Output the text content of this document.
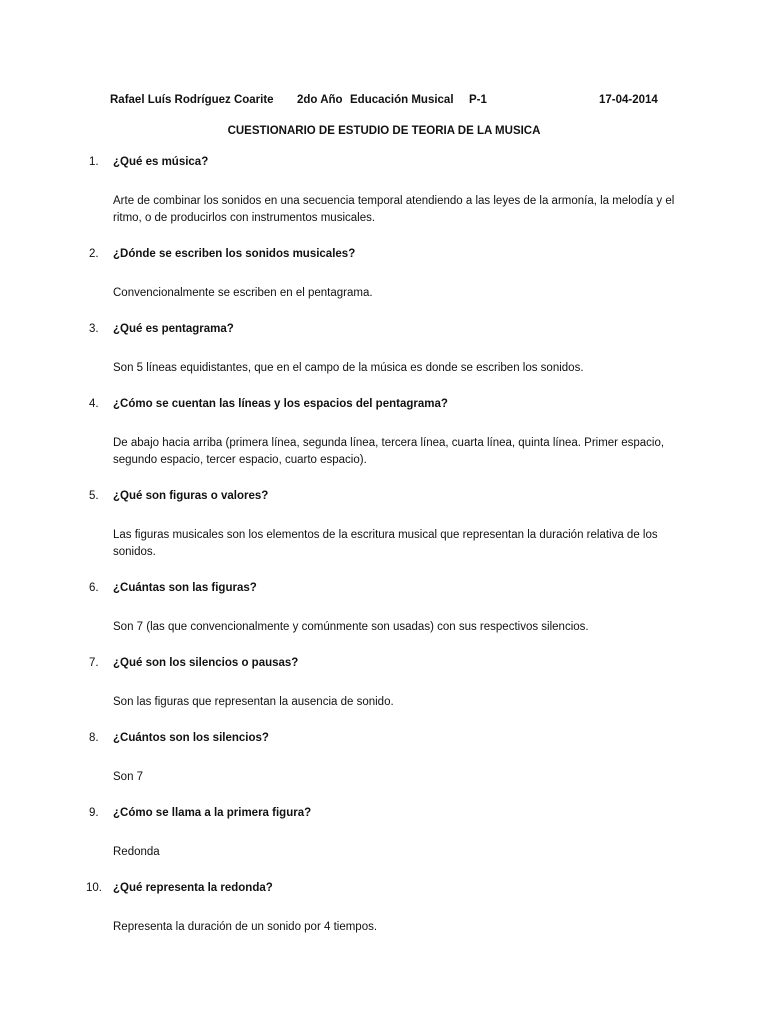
Rafael Luís Rodríguez Coarite 2do Año Educación Musical P-1	17-04-2014
CUESTIONARIO DE ESTUDIO DE TEORIA DE LA MUSICA
1. ¿Qué es música?
Arte de combinar los sonidos en una secuencia temporal atendiendo a las leyes de la armonía, la melodía y el ritmo, o de producirlos con instrumentos musicales.
2. ¿Dónde se escriben los sonidos musicales?
Convencionalmente se escriben en el pentagrama.
3. ¿Qué es pentagrama?
Son 5 líneas equidistantes, que en el campo de la música es donde se escriben los sonidos.
4. ¿Cómo se cuentan las líneas y los espacios del pentagrama?
De abajo hacia arriba (primera línea, segunda línea, tercera línea, cuarta línea, quinta línea. Primer espacio, segundo espacio, tercer espacio, cuarto espacio).
5. ¿Qué son figuras o valores?
Las figuras musicales son los elementos de la escritura musical que representan la duración relativa de los sonidos.
6. ¿Cuántas son las figuras?
Son 7 (las que convencionalmente y comúnmente son usadas) con sus respectivos silencios.
7. ¿Qué son los silencios o pausas?
Son las figuras que representan la ausencia de sonido.
8. ¿Cuántos son los silencios?
Son 7
9. ¿Cómo se llama a la primera figura?
Redonda
10. ¿Qué representa la redonda?
Representa la duración de un sonido por 4 tiempos.
